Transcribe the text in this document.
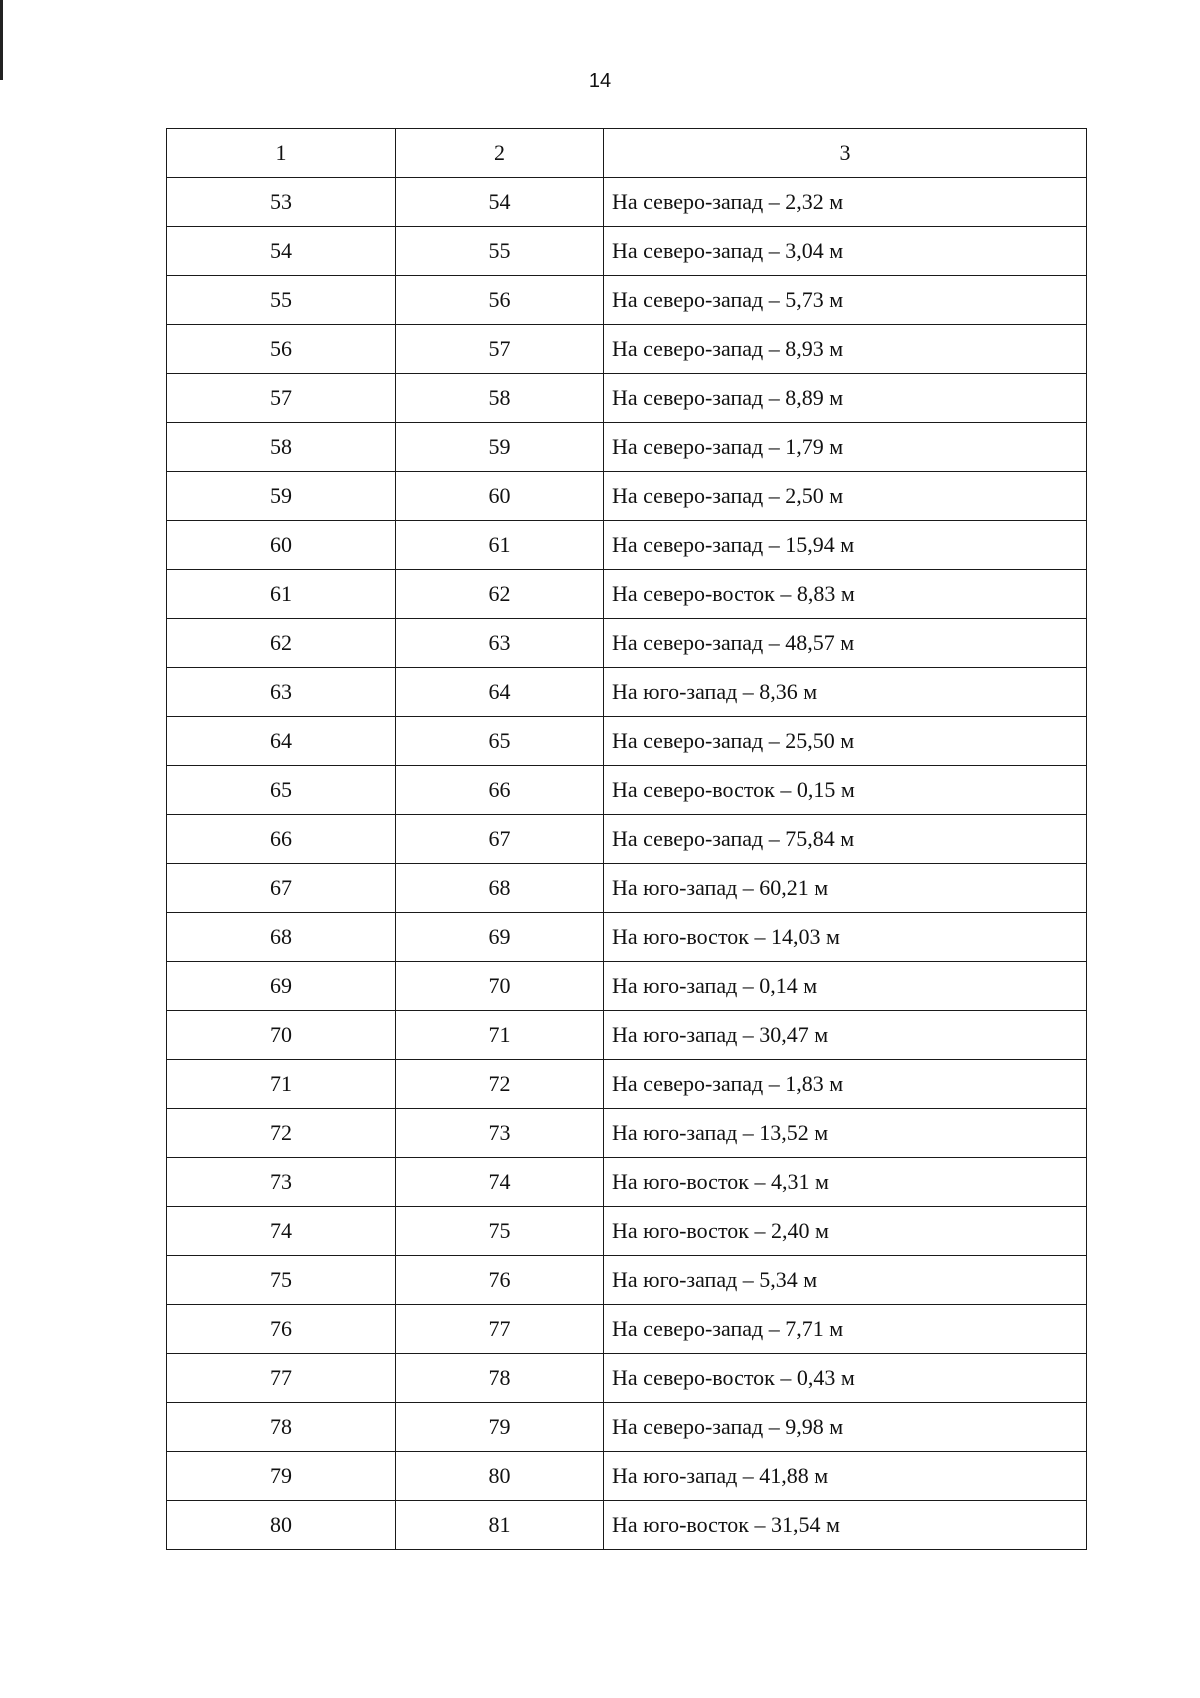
14
1	2	3
53	54	На северо-запад – 2,32 м
54	55	На северо-запад – 3,04 м
55	56	На северо-запад – 5,73 м
56	57	На северо-запад – 8,93 м
57	58	На северо-запад – 8,89 м
58	59	На северо-запад – 1,79 м
59	60	На северо-запад – 2,50 м
60	61	На северо-запад – 15,94 м
61	62	На северо-восток – 8,83 м
62	63	На северо-запад – 48,57 м
63	64	На юго-запад – 8,36 м
64	65	На северо-запад – 25,50 м
65	66	На северо-восток – 0,15 м
66	67	На северо-запад – 75,84 м
67	68	На юго-запад – 60,21 м
68	69	На юго-восток – 14,03 м
69	70	На юго-запад – 0,14 м
70	71	На юго-запад – 30,47 м
71	72	На северо-запад – 1,83 м
72	73	На юго-запад – 13,52 м
73	74	На юго-восток – 4,31 м
74	75	На юго-восток – 2,40 м
75	76	На юго-запад – 5,34 м
76	77	На северо-запад – 7,71 м
77	78	На северо-восток – 0,43 м
78	79	На северо-запад – 9,98 м
79	80	На юго-запад – 41,88 м
80	81	На юго-восток – 31,54 м
